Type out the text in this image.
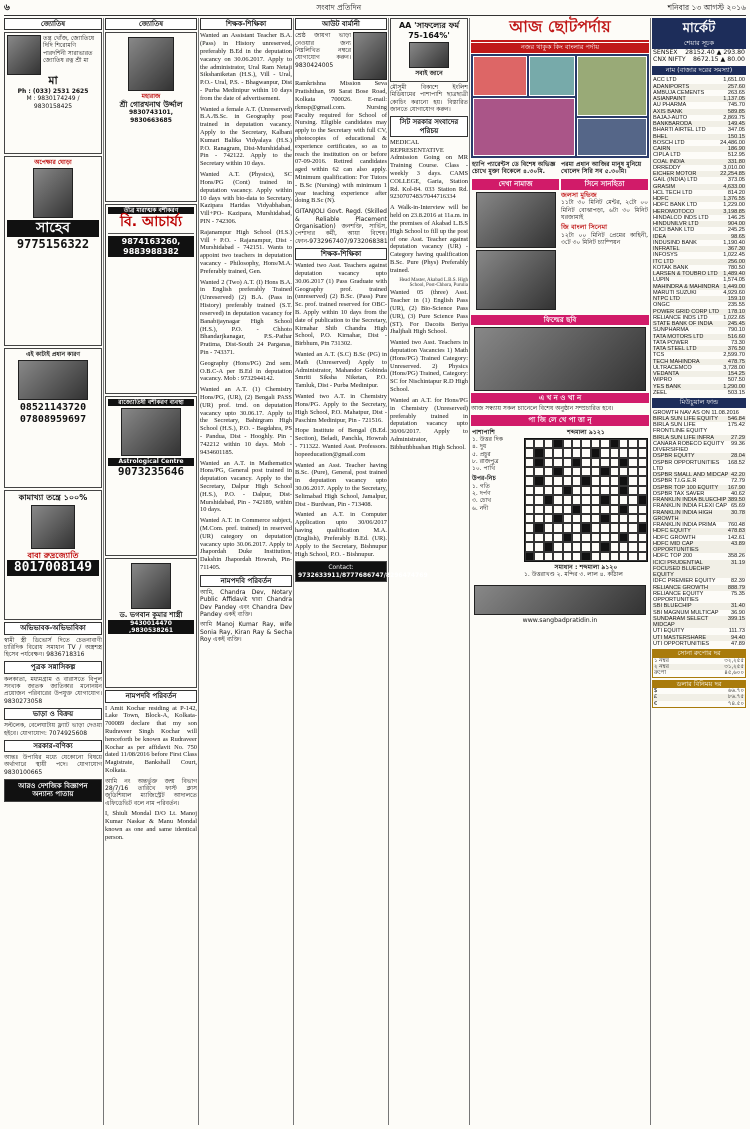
৬	সংবাদ প্রতিদিন	শনিবার ১৩ আগস্ট ২০১৬
জ্যোতিষ

তন্ত্র খোঁজ, জ্যোতিষে দিদি শিরোমণি পারদর্শিনী সারাভারত জ্যোতিষ রত্ন শ্রী মা

মা

Ph : (033) 2531 2625

M : 9830174249 / 9830158425

অপেক্ষার ঘোড়া

সাহেব
9775156322

এই কাটাই প্রধান কারণ

08521143720
07808959697

কামাখ্যা তন্ত্রে ১০০%

বাবা রুদ্রজ্যোতি

8017008149
অভিভাবক-অভিভাবিকা

স্বামী স্ত্রী ডিভোর্স দিতে চেতনাবাণী চারিদিক বিরোধ সমাধান TV / অস্ত্রশস্ত্র হিসেব পর্যবেক্ষণ। 9836718316

পুত্রক সন্নাসিকল্প

কলকাতা, মধ্যমগ্রাম ও বারাসতে বিপুল সংখ্যক জাতক জাতিকার মনোনয়ন প্রয়োজন পরিবারের উপযুক্ত যোগাযোগ। 9830273058

ভাড়া ও বিক্রয়

সল্টলেক, বেলেঘাটায় ফ্ল্যাট ভাড়া দেওয়া হইবে। যোগাযোগ: 7074925608

সরকার-বণিক্য

আন্তঃ উপাধির মধ্যে যেকোনো বিষয়ে অর্থাগারে স্থায়ী পদে। যোগাযোগ 9830100665

আরও দেশজিক বিজ্ঞাপন অন্যান্য পাতায়
জ্যোতিষ

মহারাজ

শ্রী গোরখনাথ উর্দ্দাল

9830743101, 9830663685

তীব্র মারাত্মক বশীকরণ

বি. আচার্য্য

9874163260, 9883988382

রাজ্যোতিষী বশীকরণ ব্যবস্থা

Astrological Centre

9073235646

ড. ভগবান কুমার শাস্ত্রী

9430014470 ,9830538261

নামপদবি পরিবর্তন

I Amit Kochar residing at P-142, Lake Town, Block-A, Kolkata-700089 declare that my son Rudraveer Singh Kochar will henceforth be known as Rudraveer Kochar as per affidavit No. 750 dated 11/08/2016 before First Class Magistrate, Bankshall Court, Kolkata.

আমি নং অন্তর্ভুক্ত জন্ম বিভাগ 28/7/16 তারিখে ফাস্ট ক্লাস জুডিশিয়াল ম্যাজিস্ট্রেট আদালতে এফিডেভিট বলে নাম পরিবর্তন।

I, Shiuli Mondal D/O Lt. Manoj Kumar Naskar & Manu Mondal known as one and same identical person.

শিক্ষক-শিক্ষিকা

Wanted an Assistant Teacher B.A. (Pass) in History unreserved, preferably B.Ed in the deputation vacancy on 30.06.2017. Apply to the administrator, Ural Ram Netaji Sikshaniketan (H.S.), Vill - Ural, P.O.- Ural, P.S. - Bhagwanpur, Dist - Purba Medinipur within 10 days from the date of advertisement.

Wanted a female A.T. (Unreserved) B.A./B.Sc. in Geography post trained in deputation vacancy. Apply to the Secretary, Kalbani Kumari Balika Vidyalaya (H.S.) P.O. Ranagram, Dist-Murshidabad, Pin - 742122. Apply to the Secretary within 10 days.

Wanted A.T. (Physics), SC Hons/PG (Cont) trained in deputation vacancy. Apply within 10 days with bio-data to Secretary, Kazipara Haridas Vidyabhaban, Vill+PO- Kazipara, Murshidabad, PIN - 742306.

Rajanampur High School (H.S.) Vill + P.O. - Rajanampur, Dist - Murshidabad - 742151. Wants to appoint two teachers in deputation vacancy - Philosophy, Hons/M.A. Preferably trained, Gen.

Wanted 2 (Two) A.T. (I) Hons B.A. in English preferably Trained (Unreserved) (2) B.A. (Pass in History) preferably trained (S.T. reserved) in deputation vacancy for Banabijaynagar High School (H.S.), P.O. - Chhoto Bhandarjkanagar, P.S.-Pathar Pratima, Dist-South 24 Parganas, Pin - 743371.

Geography (Hons/PG) 2nd sem. O.B.C-A per B.Ed in deputation vacancy. Mob : 9732944142.

Wanted an A.T. (1) Chemistry Hons/PG, (UR), (2) Bengali PASS (UR) prof. trnd. on deputation vacancy upto 30.06.17. Apply to the Secretary, Bahirgram High School (H.S.), P.O. - Bagdahra, PS - Pandua, Dist - Hooghly. Pin - 742212 within 10 days. Mob - 9434601185.

Wanted an A.T. in Mathematics Hons/PG, General post trained in deputation vacancy. Apply to the Secretary, Dalpur High School (H.S.), P.O. - Dalpur, Dist-Murshidabad, Pin - 742189, within 10 days.

Wanted A.T. in Commerce subject, (M.Com. pref. trained) in reserved (UR) category on deputation vacancy upto 30.06.2017. Apply to Jhapordah Duke Institution, Dakshin Jhapordah Howrah, Pin-711405.

নামপদবি পরিবর্তন

আমি, Chandra Dev, Notary Public Affidavit দ্বারা Chandra Dev Pandey এবং Chandra Dev Pandey একই ব্যক্তি।

আমি Manoj Kumar Ray, wife Sonia Ray, Kiran Ray & Secha Roy একই ব্যক্তি।

আউট বার্মানী

শ্রেষ্ঠ জায়গা ভাড়া নেওয়ার জন্য নিম্নলিখিত নম্বরে যোগাযোগ করুন। 9830424005

Ramkrishna Mission Seva Pratishthan, 99 Sarat Bose Road, Kolkata 700026. E-mail: rkmsp@gmail.com. Nursing Faculty required for School of Nursing. Eligible candidates may apply to the Secretary with full CV, photocopies of educational & experience certificates, so as to reach the institution on or before 07-09-2016. Retired candidates aged within 62 can also apply. Minimum qualification: For Tutors - B.Sc (Nursing) with minimum 1 year teaching experience after doing B.Sc (N).

GITANJOLI Govt. Regd. (Skilled & Reliable Placement Organisation) জনশক্তি, সার্ভিস, পেশাদার কর্মী, আয়া বিশেষ। ফোন-9732967407/9732068381

শিক্ষক-শিক্ষিকা

Wanted two Asst. Teachers against deputation vacancy upto 30.06.2017 (1) Pass Graduate with Geography prof. trained (unreserved) (2) B.Sc. (Pass) Pure Sc. prof. trained reserved for OBC-B. Apply within 10 days from the date of publication to the Secretary, Kirnahar Shib Chandra High School, P.O. Kirnahar, Dist - Birbhum, Pin 731302.

Wanted an A.T. (S.C) B.Sc (PG) in Math (Unreserved) Apply to Administrator, Mahandor Gobinda Smriti Siksha Niketan, P.O. Tamluk, Dist - Purba Medinipur.

Wanted two A.T. in Chemistry Hons/PG. Apply to the Secretary, High School, P.O. Mahatpur, Dist - Paschim Medinipur, Pin - 721516.

Hope Institute of Bengal (B.Ed. Section), Beladi, Panchla, Howrah - 711322. Wanted Asst. Professors. hopeeducation@gmail.com

Wanted an Asst. Teacher having B.Sc. (Pure), General, post trained in deputation vacancy upto 30.06.2017. Apply to the Secretary, Selimabad High School, Jamalpur, Dist - Burdwan, Pin - 713408.

Wanted an A.T. in Computer Application upto 30/06/2017 having qualification M.A. (English), Preferably B.Ed. (UR). Apply to the Secretary, Bishnupur High School, P.O. - Bishnupur.

Contact:

9732633911/8777686747/8296474769

AA 'সাফল্যের ফর্ম 75-164%'

সবাই জানে

মৌসুমী বিকাশে ইংলিশ মিডিয়ামের পাশাপাশি ছাত্রছাত্রী কোচিং করানো হয়। বিস্তারিত জানতে যোগাযোগ করুন।

সিট সরকার সংবাদের পরিচয়

MEDICAL REPRESENTATIVE Admission Going on MR Training Course. Class - weekly 3 days. CAMS COLLEGE, Garia, Station Rd. Kol-84. 033 Station Rd. 9230707483/7044716334

A Walk-in-Interview will be held on 23.8.2016 at 11a.m. in the premises of Akabad L.B.S High School to fill up the post of one Asst. Teacher against deputation vacancy (UR) - Category having qualification B.Sc. Pure (Phys) Preferably trained.

Head Master, Akabad L.B.S. High School, Post-Chhora, Purulia

Wanted 05 (three) Asst. Teacher in (1) English Pass (UR), (2) Bio-Science Pass (UR), (3) Pure Science Pass (ST). For Dacoits Beriya Jhaljhali High School.

Wanted two Asst. Teachers in deputation Vacancies 1) Math (Hons/PG) Trained Category: Unreserved. 2) Physics (Hons/PG) Trained, Category: SC for Nischintapur R.D High School.

Wanted an A.T. for Hons/PG in Chemistry (Unreserved) preferably trained in deputation vacancy upto 30/06/2017. Apply to Administrator, Bibhutibhushan High School.

আজ ছোটপর্দায়
নজর থাকুক কিং বাংলার পর্দায়

হ্যাপি প্যারেন্টস ডে বিশেষ অভিজ্ঞ চোখে মুক্তা বিকেলে ৪.৩০মি.

পরমা প্রধান আজির মানুষ মুনিয়ে খোলেদ সিরি সব ৫.৩০মি।

দেখা নামাজ	সিনে সানহিতা

জলসা মুভিজ

১১টা ৩০ মিনিট মেন্টর, ২টো ০০ মিনিট বোঝাপড়া, ৬টা ৩০ মিনিট ঘরজামাই

জি বাংলা সিনেমা

১২টা ০০ মিনিট প্রেমের কাহিনী, ৩টে ৩০ মিনিট চ্যাম্পিয়ন

ফিল্মের ছবি
এ খ ন ও খা ন

আজ সন্ধ্যায় সকল চ্যানেলে বিশেষ অনুষ্ঠান সম্প্রচারিত হবে।

পা জি লে খে পা ত্তা নৃ

পাশাপাশি

১. উত্তর দিক
৪. দুধ
৫. প্রচুর
৮. রাজপুত্র
১০. পাখি

উপর-নিচ

১. গতি
২. দর্পণ
৩. চোখ
৬. নদী

শব্দমালা ৯১২১

সমাধান : শব্দমালা ৯১২০

১. উত্তরাখণ্ড ২. মন্দির ৩. লাল ৪. কাঁঠাল

www.sangbadpratidin.in

মার্কেট
শেয়ার সূচক
SENSEX 28152.40 ▲ 293.80
CNX NIFTY 8672.15 ▲ 80.00
নাম (বাজার দরের সমস্যা)
ACC LTD	1,651.00
ADANIPORTS	257.60
AMBUJA CEMENTS	263.65
ASIANPAINT	1,137.05
AU PHARMA	745.70
AXIS BANK	589.85
BAJAJ-AUTO	2,869.75
BANKBARODA	149.45
BHARTI AIRTEL LTD	347.05
BHEL	150.15
BOSCH LTD	24,486.00
CAIRN	186.90
CIPLA LTD	512.95
COAL INDIA	331.80
DRREDDY	3,010.00
EICHER MOTOR	22,254.85
GAIL (INDIA) LTD	373.05
GRASIM	4,633.00
HCL TECH LTD	814.20
HDFC	1,376.55
HDFC BANK LTD	1,229.00
HEROMOTOCO	3,198.85
HINDALCO INDS LTD	146.25
HINDUNILVR LTD	904.00
ICICI BANK LTD	245.25
IDEA	98.65
INDUSIND BANK	1,190.40
INFRATEL	367.30
INFOSYS	1,022.45
ITC LTD	256.00
KOTAK BANK	780.50
LARSEN & TOUBRO LTD 1,489.40
LUPIN	1,574.05
MAHINDRA & MAHINDRA 1,449.00
MARUTI SUZUKI	4,929.60
NTPC LTD	159.10
ONGC	235.55
POWER GRID CORP LTD 178.10
RELIANCE INDS LTD	1,022.65
STATE BANK OF INDIA	245.45
SUNPHARMA	790.10
TATA MOTORS LTD	516.60
TATA POWER	73.30
TATA STEEL LTD	376.50
TCS	2,599.70
TECH MAHINDRA	478.75
ULTRACEMCO	3,728.00
VEDANTA	154.25
WIPRO	507.50
YES BANK	1,290.00
ZEEL	503.15
মিউচুয়াল ফান্ড
GROWTH NAV AS ON 11.08.2016
BIRLA SUN LIFE EQUITY 546.84
BIRLA SUN LIFE FRONTLINE EQUITY
175.42
BIRLA SUN LIFE INFRA	27.29
CANARA ROBECO EQUITY DIVERSIFIED
99.36
DSPBR EQUITY	28.04
DSPBR OPPORTUNITIES LTD
168.52
DSPBR SMALL AND MIDCAP 42.20
DSPBR T.I.G.E.R	72.79
DSPBR TOP 100 EQUITY 167.90
DSPBR TAX SAVER	40.62
FRANKLIN INDIA BLUECHIP 389.50
FRANKLIN INDIA FLEXI CAP 65.69
FRANKLIN INDIA HIGH GROWTH
30.78
FRANKLIN INDIA PRIMA 760.48
HDFC EQUITY	478.83
HDFC GROWTH	142.61
HDFC MID CAP OPPORTUNITIES
43.89
HDFC TOP 200	358.26
ICICI PRUDENTIAL FOCUSED BLUECHIP EQUITY
31.19
IDFC PREMIER EQUITY	82.39
RELIANCE GROWTH	888.79
RELIANCE EQUITY OPPORTUNITIES
75.35
SBI BLUECHIP	31.40
SBI MAGNUM MULTICAP 36.90
SUNDARAM SELECT MIDCAP
399.15
UTI EQUITY	111.73
UTI MASTERSHARE	94.40
UTI OPPORTUNITIES	47.89
সোনা রুপোর দর
১ নম্বর	৩২,২৫৫
২ নম্বর	৩১,২৫৫
রুপো	৪৫,৬০০
ডলার বিনিময় দর
$	৬৬.৭০
£	৮৬.৭৫
€	৭৪.৫০
